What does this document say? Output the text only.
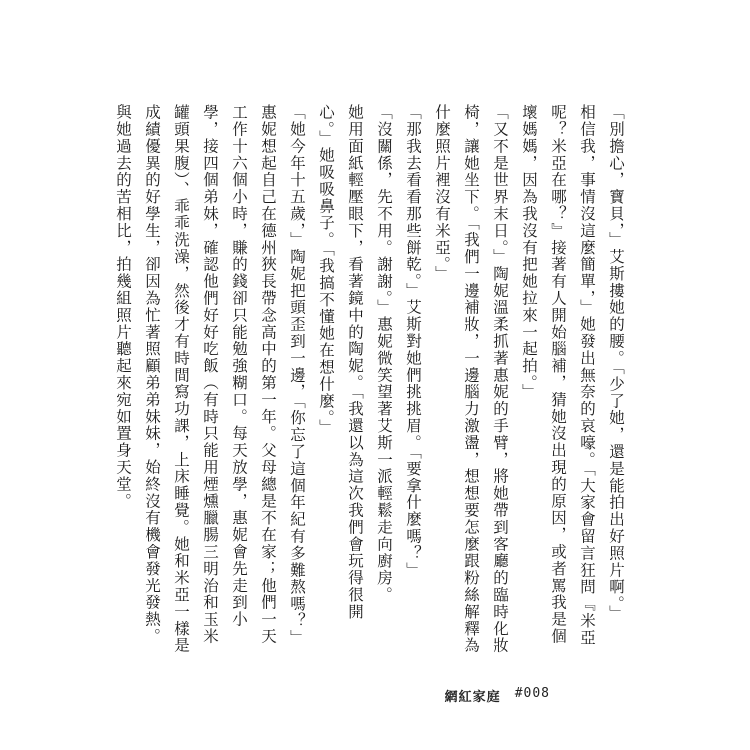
「別擔心，寶貝，」艾斯摟她的腰。「少了她，還是能拍出好照片啊。」

相信我，事情沒這麼簡單，」她發出無奈的哀嚎。「大家會留言狂問『米亞呢？米亞在哪？』接著有人開始腦補，猜她沒出現的原因，或者罵我是個壞媽媽，因為我沒有把她拉來一起拍。」

「又不是世界末日。」陶妮溫柔抓著惠妮的手臂，將她帶到客廳的臨時化妝椅，讓她坐下。「我們一邊補妝，一邊腦力激盪，想想要怎麼跟粉絲解釋為什麼照片裡沒有米亞。」

「那我去看看那些餅乾。」艾斯對她們挑挑眉。「要拿什麼嗎？」

「沒關係，先不用。謝謝。」惠妮微笑望著艾斯一派輕鬆走向廚房。

她用面紙輕壓眼下，看著鏡中的陶妮。「我還以為這次我們會玩得很開心。」她吸吸鼻子。「我搞不懂她在想什麼。」

「她今年十五歲，」陶妮把頭歪到一邊，「你忘了這個年紀有多難熬嗎？」

惠妮想起自己在德州狹長帶念高中的第一年。父母總是不在家；他們一天工作十六個小時，賺的錢卻只能勉強糊口。每天放學，惠妮會先走到小學，接四個弟妹，確認他們好好吃飯（有時只能用煙燻臘腸三明治和玉米罐頭果腹）、乖乖洗澡，然後才有時間寫功課，上床睡覺。她和米亞一樣是成績優異的好學生，卻因為忙著照顧弟弟妹妹，始終沒有機會發光發熱。與她過去的苦相比，拍幾組照片聽起來宛如置身天堂。

網紅家庭 #008
